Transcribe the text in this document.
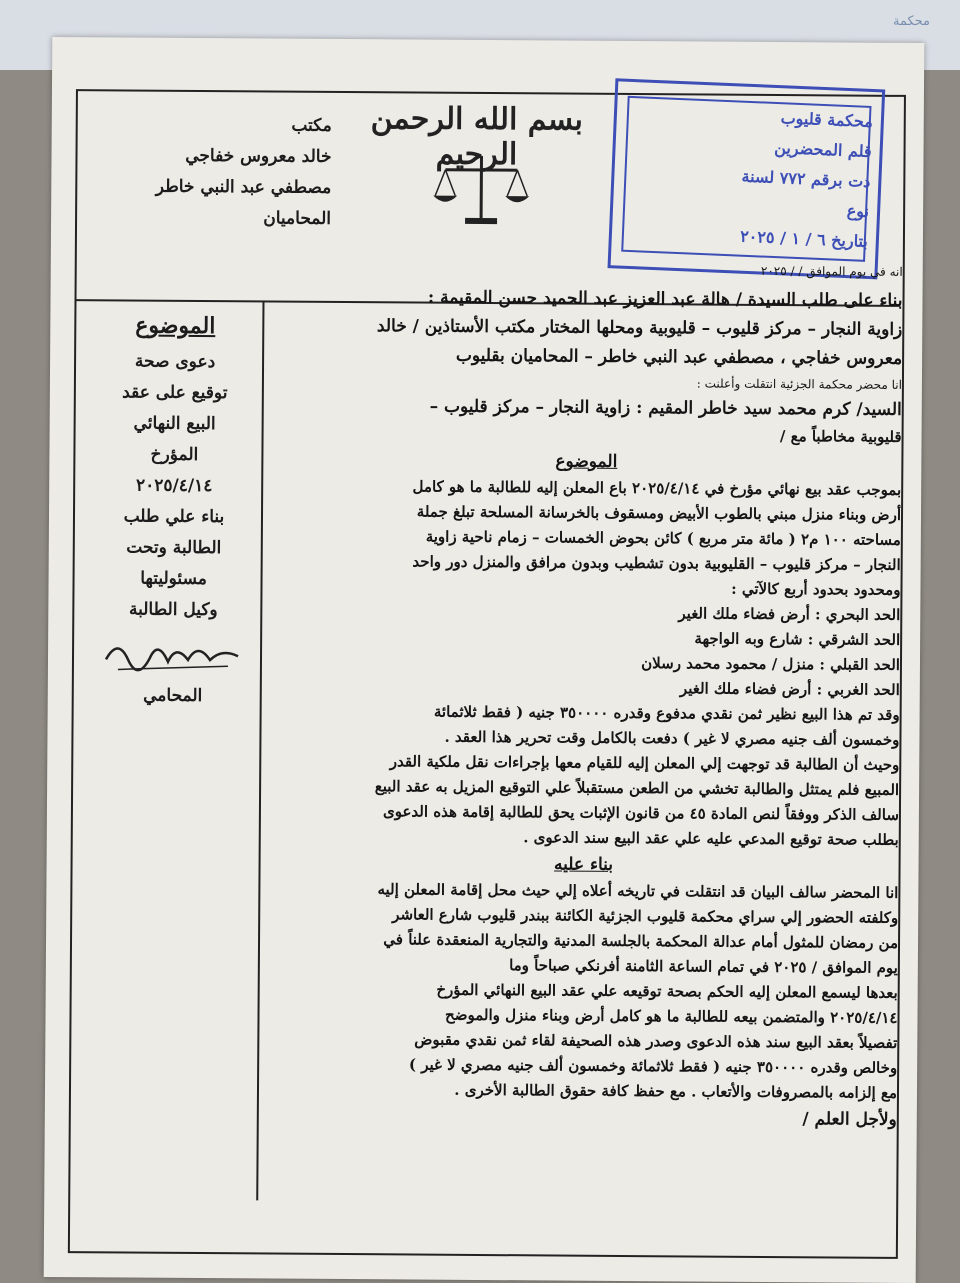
محكمة
بسم الله الرحمن الرحيم
مكتب
خالد معروس خفاجي
مصطفي عبد النبي خاطر
المحاميان
محكمة قليوب
قلم المحضرين
دت برقم ٧٧٢ لسنة
نوع
بتاريخ ٦ / ١ / ٢٠٢٥
الموضوع
دعوى صحة
توقيع على عقد
البيع النهائي
المؤرخ
٢٠٢٥/٤/١٤
بناء علي طلب
الطالبة وتحت
مسئوليتها
وكيل الطالبة
المحامي
انه في يوم الموافق / / ٢٠٢٥
بناء على طلب السيدة / هالة عبد العزيز عبد الحميد حسن المقيمة :
زاوية النجار – مركز قليوب – قليوبية ومحلها المختار مكتب الأستاذين / خالد
معروس خفاجي ، مصطفي عبد النبي خاطر – المحاميان بقليوب
انا محضر محكمة الجزئية انتقلت وأعلنت :
السيد/ كرم محمد سيد خاطر المقيم : زاوية النجار – مركز قليوب –
قليوبية مخاطباً مع /
الموضوع
بموجب عقد بيع نهائي مؤرخ في ٢٠٢٥/٤/١٤ باع المعلن إليه للطالبة ما هو كامل
أرض وبناء منزل مبني بالطوب الأبيض ومسقوف بالخرسانة المسلحة تبلغ جملة
مساحته ١٠٠ م٢ ( مائة متر مربع ) كائن بحوض الخمسات – زمام ناحية زاوية
النجار – مركز قليوب – القليوبية بدون تشطيب وبدون مرافق والمنزل دور واحد
ومحدود بحدود أربع كالآتي :
الحد البحري : أرض فضاء ملك الغير
الحد الشرقي : شارع وبه الواجهة
الحد القبلي : منزل / محمود محمد رسلان
الحد الغربي : أرض فضاء ملك الغير
وقد تم هذا البيع نظير ثمن نقدي مدفوع وقدره ٣٥٠٠٠٠ جنيه ( فقط ثلاثمائة
وخمسون ألف جنيه مصري لا غير ) دفعت بالكامل وقت تحرير هذا العقد .
وحيث أن الطالبة قد توجهت إلي المعلن إليه للقيام معها بإجراءات نقل ملكية القدر
المبيع فلم يمتثل والطالبة تخشي من الطعن مستقبلاً علي التوقيع المزيل به عقد البيع
سالف الذكر ووفقاً لنص المادة ٤٥ من قانون الإثبات يحق للطالبة إقامة هذه الدعوى
بطلب صحة توقيع المدعي عليه علي عقد البيع سند الدعوى .
بناء عليه
انا المحضر سالف البيان قد انتقلت في تاريخه أعلاه إلي حيث محل إقامة المعلن إليه
وكلفته الحضور إلي سراي محكمة قليوب الجزئية الكائنة ببندر قليوب شارع العاشر
من رمضان للمثول أمام عدالة المحكمة بالجلسة المدنية والتجارية المنعقدة علناً في
يوم الموافق / ٢٠٢٥ في تمام الساعة الثامنة أفرنكي صباحاً وما
بعدها ليسمع المعلن إليه الحكم بصحة توقيعه علي عقد البيع النهائي المؤرخ
٢٠٢٥/٤/١٤ والمتضمن بيعه للطالبة ما هو كامل أرض وبناء منزل والموضح
تفصيلاً بعقد البيع سند هذه الدعوى وصدر هذه الصحيفة لقاء ثمن نقدي مقبوض
وخالص وقدره ٣٥٠٠٠٠ جنيه ( فقط ثلاثمائة وخمسون ألف جنيه مصري لا غير )
مع إلزامه بالمصروفات والأتعاب . مع حفظ كافة حقوق الطالبة الأخرى .
ولأجل العلم /
